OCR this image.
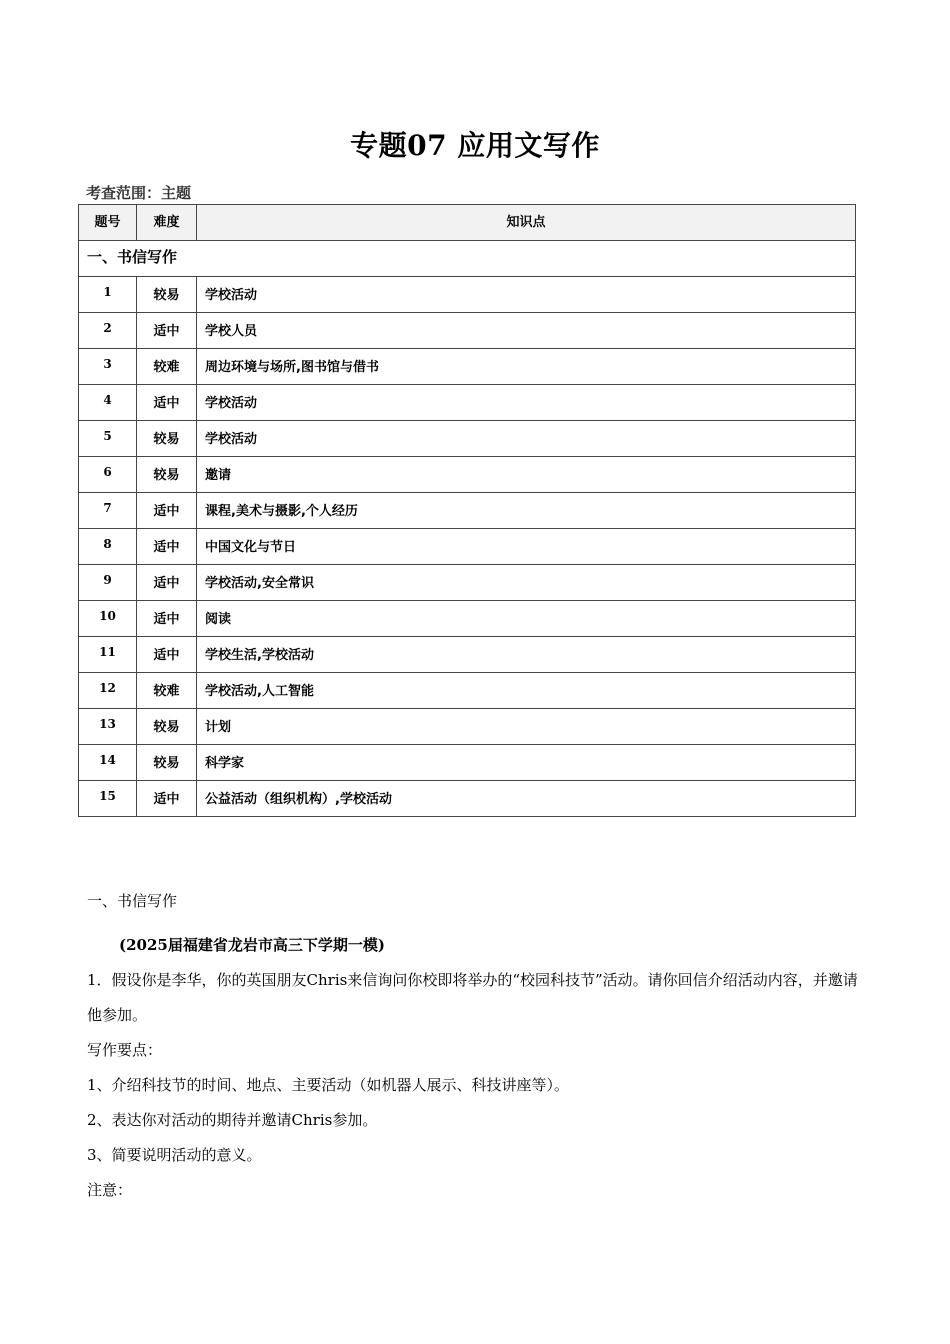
专题07 应用文写作
考查范围：主题
题号	难度	知识点
一、书信写作		
1	较易	学校活动
2	适中	学校人员
3	较难	周边环境与场所,图书馆与借书
4	适中	学校活动
5	较易	学校活动
6	较易	邀请
7	适中	课程,美术与摄影,个人经历
8	适中	中国文化与节日
9	适中	学校活动,安全常识
10	适中	阅读
11	适中	学校生活,学校活动
12	较难	学校活动,人工智能
13	较易	计划
14	较易	科学家
15	适中	公益活动（组织机构）,学校活动
一、书信写作
(2025届福建省龙岩市高三下学期一模)

1．假设你是李华，你的英国朋友Chris来信询问你校即将举办的“校园科技节”活动。请你回信介绍活动内容，并邀请他参加。

写作要点：

1、介绍科技节的时间、地点、主要活动（如机器人展示、科技讲座等）。

2、表达你对活动的期待并邀请Chris参加。

3、简要说明活动的意义。

注意：
